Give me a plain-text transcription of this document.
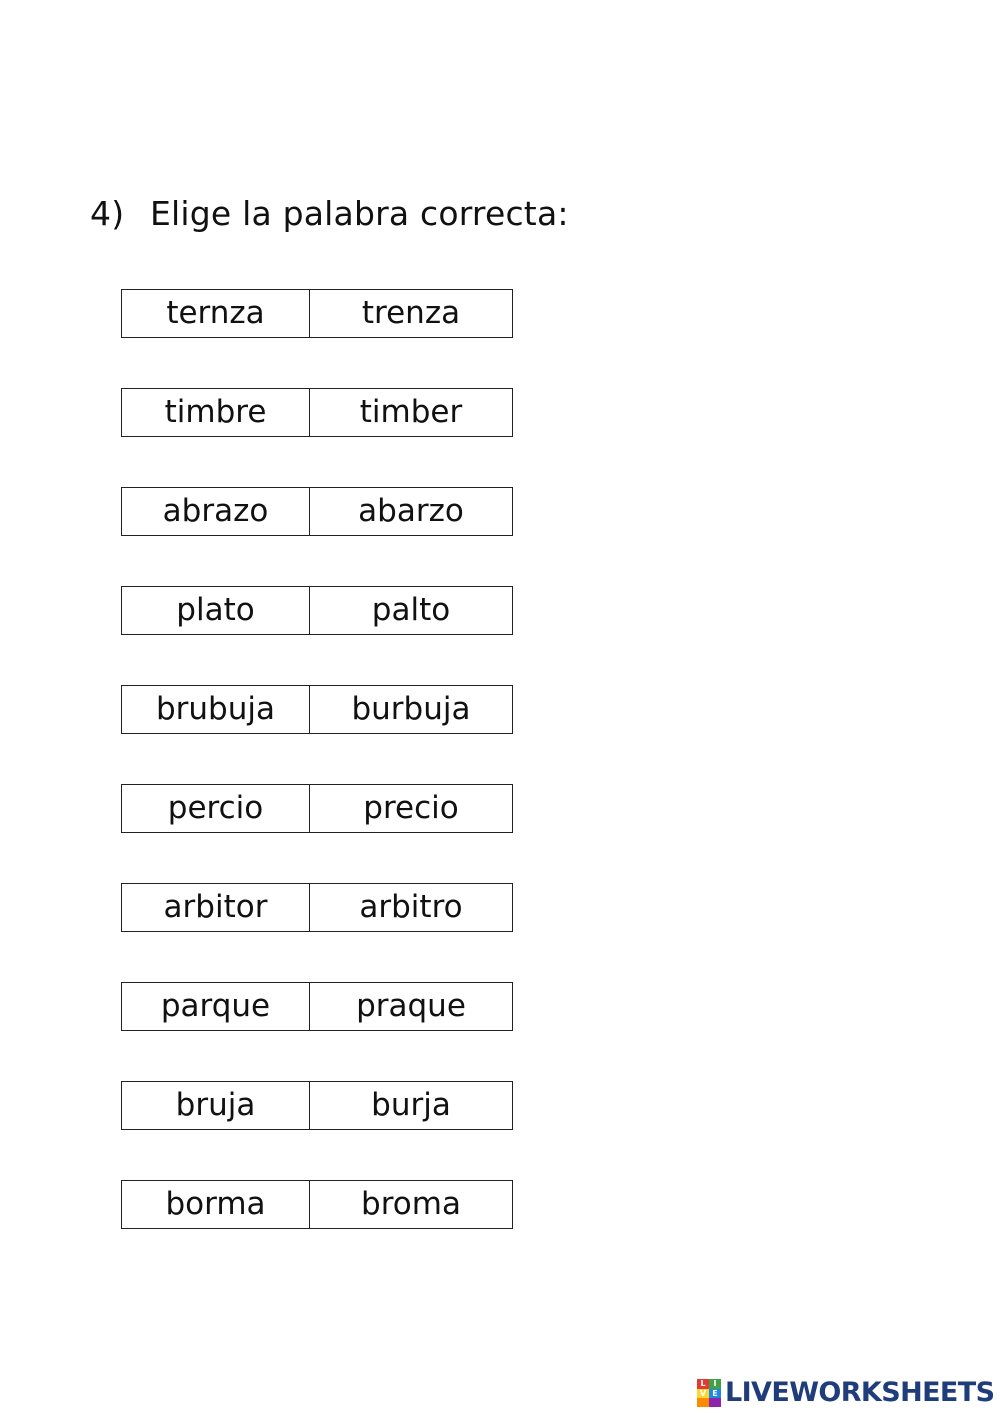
4) Elige la palabra correcta:
ternza	trenza
timbre	timber
abrazo	abarzo
plato	palto
brubuja	burbuja
percio	precio
arbitor	arbitro
parque	praque
bruja	burja
borma	broma
L I
V E LIVEWORKSHEETS
